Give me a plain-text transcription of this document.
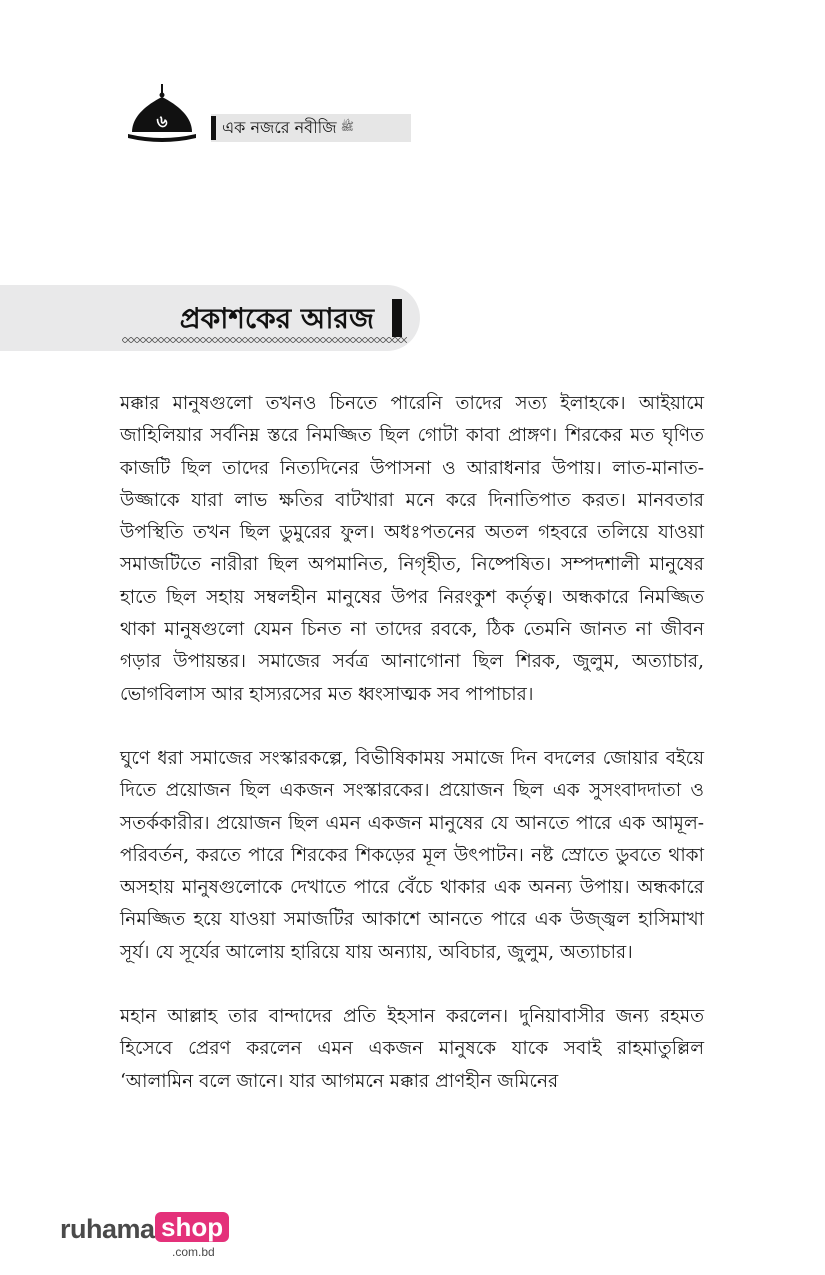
৬	এক নজরে নবীজি ﷺ
প্রকাশকের আরজ

মক্কার মানুষগুলো তখনও চিনতে পারেনি তাদের সত্য ইলাহকে। আইয়ামে জাহিলিয়ার সর্বনিম্ন স্তরে নিমজ্জিত ছিল গোটা কাবা প্রাঙ্গণ। শিরকের মত ঘৃণিত কাজটি ছিল তাদের নিত্যদিনের উপাসনা ও আরাধনার উপায়। লাত-মানাত-উজ্জাকে যারা লাভ ক্ষতির বাটখারা মনে করে দিনাতিপাত করত। মানবতার উপস্থিতি তখন ছিল ডুমুরের ফুল। অধঃপতনের অতল গহবরে তলিয়ে যাওয়া সমাজটিতে নারীরা ছিল অপমানিত, নিগৃহীত, নিষ্পেষিত। সম্পদশালী মানুষের হাতে ছিল সহায় সম্বলহীন মানুষের উপর নিরংকুশ কর্তৃত্ব। অন্ধকারে নিমজ্জিত থাকা মানুষগুলো যেমন চিনত না তাদের রবকে, ঠিক তেমনি জানত না জীবন গড়ার উপায়ন্তর। সমাজের সর্বত্র আনাগোনা ছিল শিরক, জুলুম, অত্যাচার, ভোগবিলাস আর হাস্যরসের মত ধ্বংসাত্মক সব পাপাচার।

ঘুণে ধরা সমাজের সংস্কারকল্পে, বিভীষিকাময় সমাজে দিন বদলের জোয়ার বইয়ে দিতে প্রয়োজন ছিল একজন সংস্কারকের। প্রয়োজন ছিল এক সুসংবাদদাতা ও সতর্ককারীর। প্রয়োজন ছিল এমন একজন মানুষের যে আনতে পারে এক আমূল-পরিবর্তন, করতে পারে শিরকের শিকড়ের মূল উৎপাটন। নষ্ট স্রোতে ডুবতে থাকা অসহায় মানুষগুলোকে দেখাতে পারে বেঁচে থাকার এক অনন্য উপায়। অন্ধকারে নিমজ্জিত হয়ে যাওয়া সমাজটির আকাশে আনতে পারে এক উজ্জ্বল হাসিমাখা সূর্য। যে সূর্যের আলোয় হারিয়ে যায় অন্যায়, অবিচার, জুলুম, অত্যাচার।

মহান আল্লাহ তার বান্দাদের প্রতি ইহসান করলেন। দুনিয়াবাসীর জন্য রহমত হিসেবে প্রেরণ করলেন এমন একজন মানুষকে যাকে সবাই রাহমাতুল্লিল ‘আলামিন বলে জানে। যার আগমনে মক্কার প্রাণহীন জমিনের

ruhama shop
.com.bd
